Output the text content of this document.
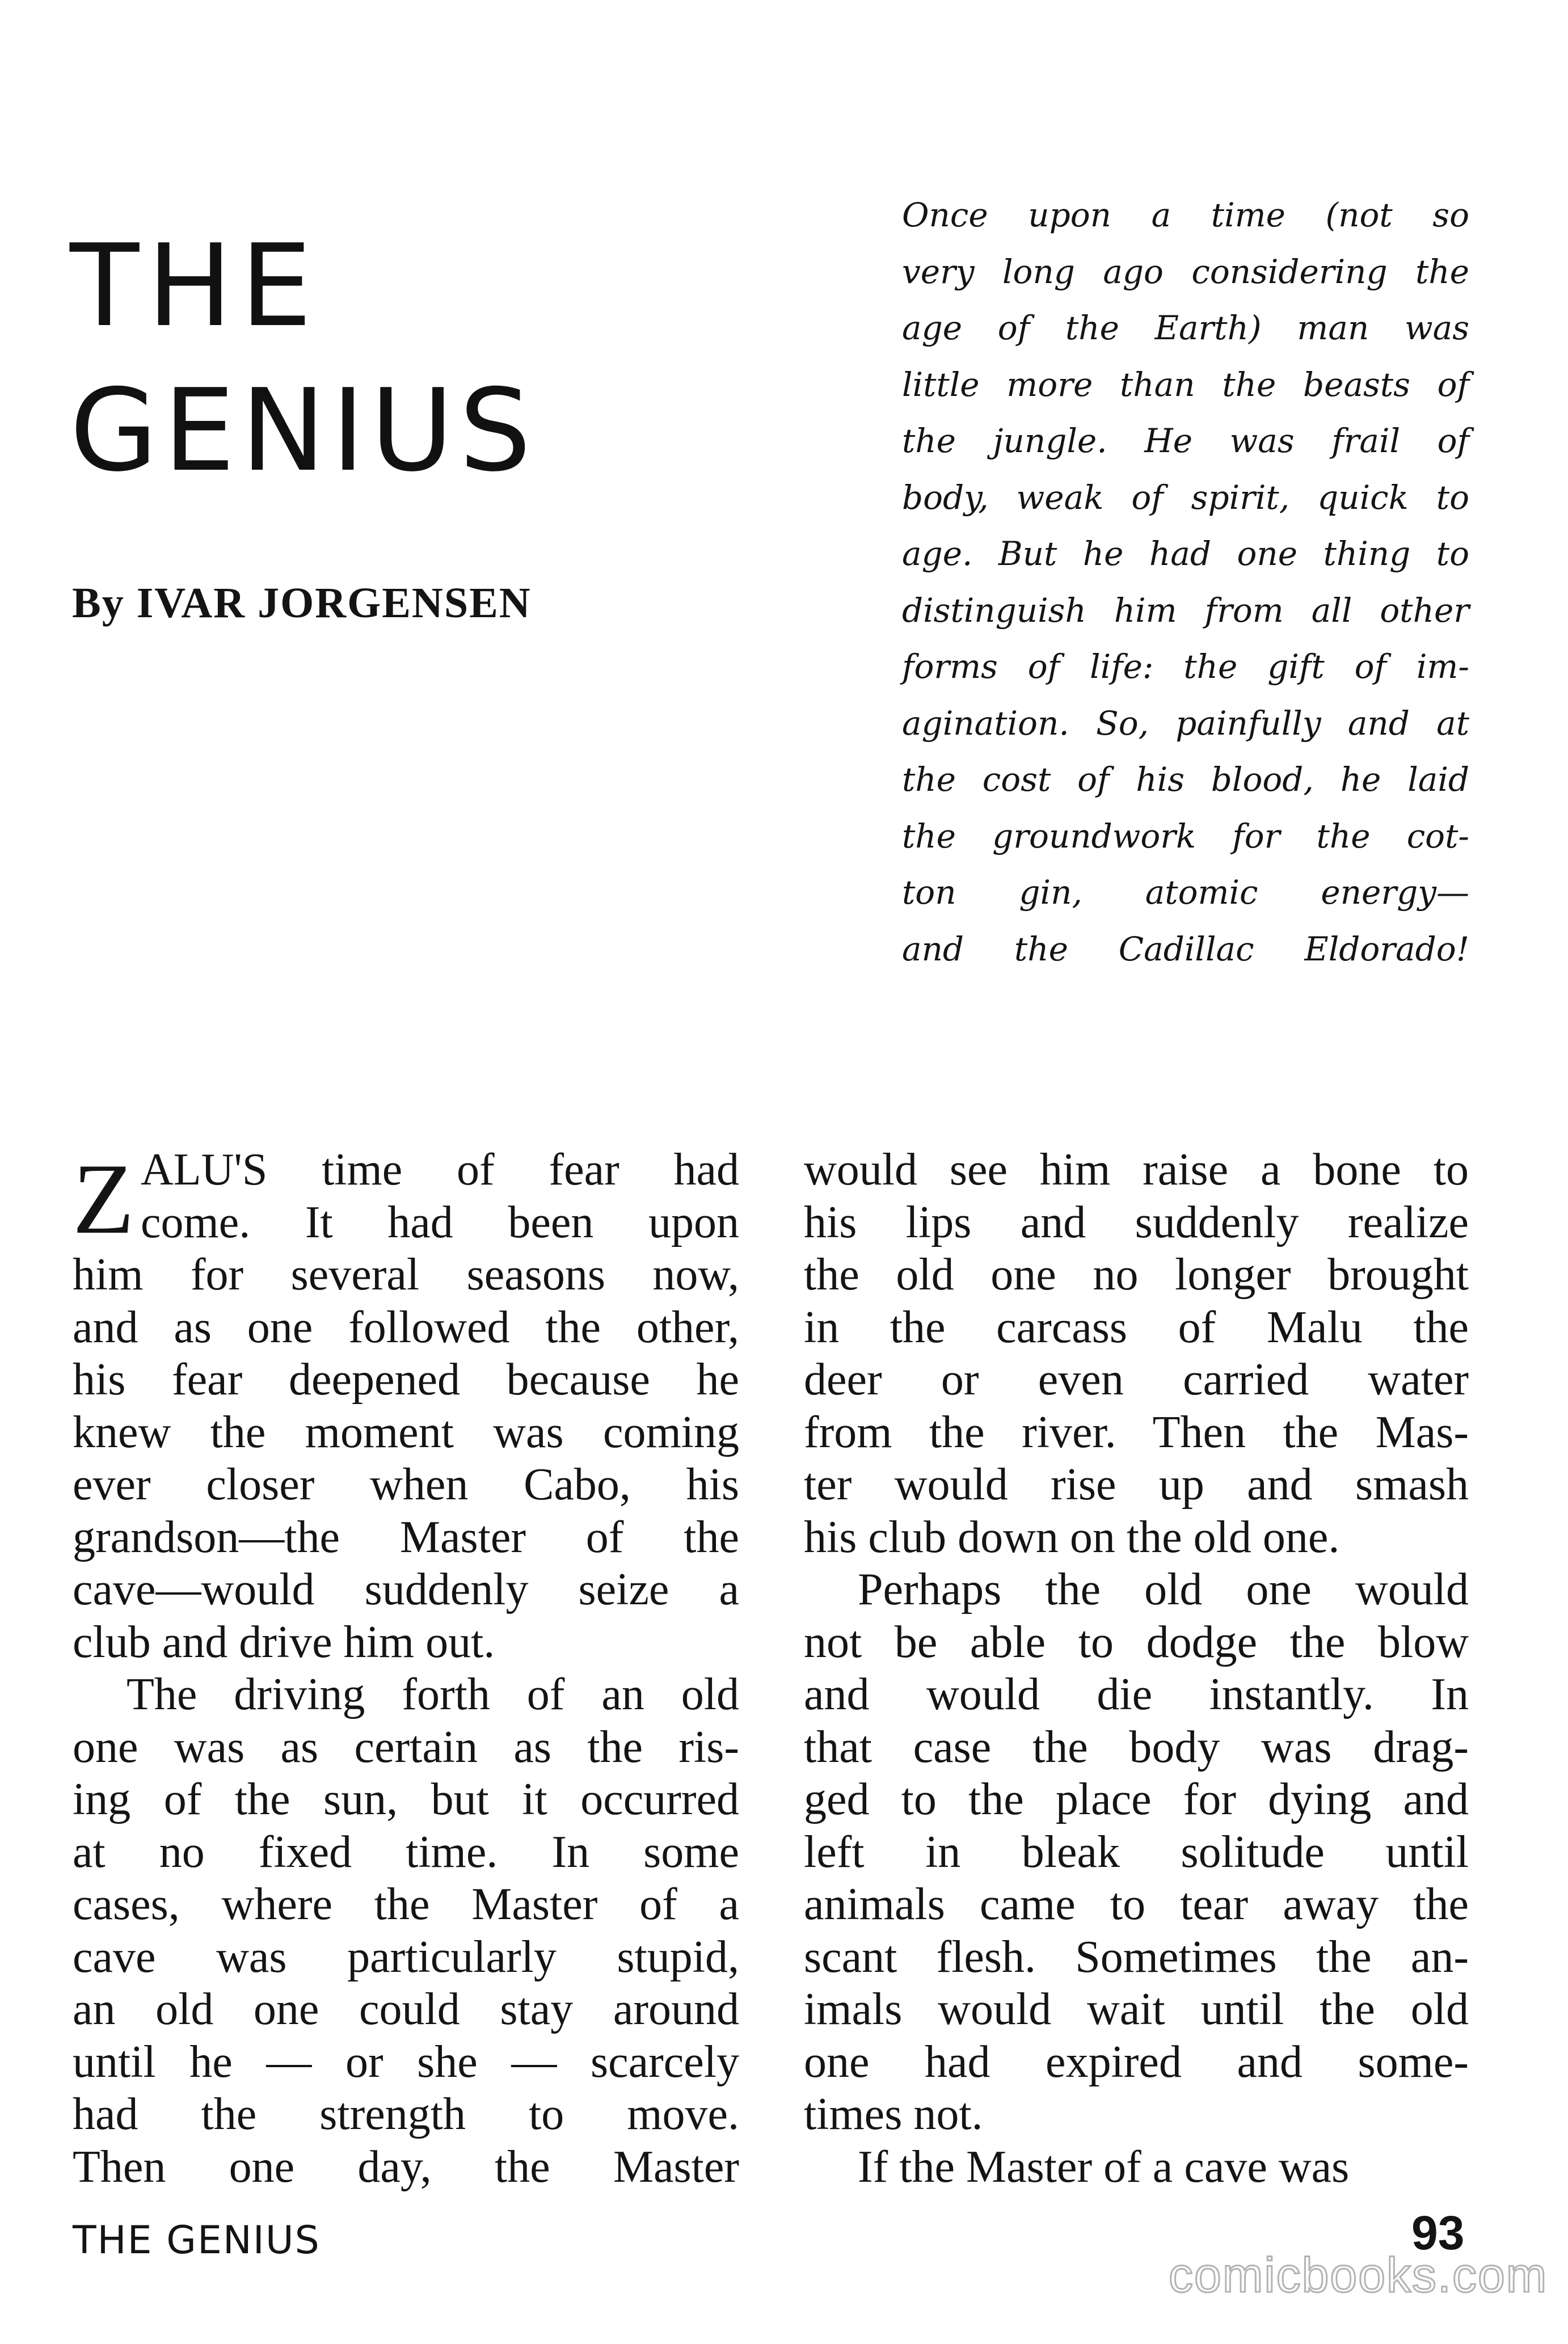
THE
GENIUS
By IVAR JORGENSEN
Once upon a time (not so
very long ago considering the
age of the Earth) man was
little more than the beasts of
the jungle. He was frail of
body, weak of spirit, quick to
age. But he had one thing to
distinguish him from all other
forms of life: the gift of im-
agination. So, painfully and at
the cost of his blood, he laid
the groundwork for the cot-
ton gin, atomic energy—
and the Cadillac Eldorado!
Z ALU'S time of fear had
come. It had been upon
him for several seasons now,
and as one followed the other,
his fear deepened because he
knew the moment was coming
ever closer when Cabo, his
grandson—the Master of the
cave—would suddenly seize a
club and drive him out.
The driving forth of an old
one was as certain as the ris-
ing of the sun, but it occurred
at no fixed time. In some
cases, where the Master of a
cave was particularly stupid,
an old one could stay around
until he — or she — scarcely
had the strength to move.
Then one day, the Master
would see him raise a bone to
his lips and suddenly realize
the old one no longer brought
in the carcass of Malu the
deer or even carried water
from the river. Then the Mas-
ter would rise up and smash
his club down on the old one.
Perhaps the old one would
not be able to dodge the blow
and would die instantly. In
that case the body was drag-
ged to the place for dying and
left in bleak solitude until
animals came to tear away the
scant flesh. Sometimes the an-
imals would wait until the old
one had expired and some-
times not.
If the Master of a cave was
THE GENIUS	93
comicbooks.com
